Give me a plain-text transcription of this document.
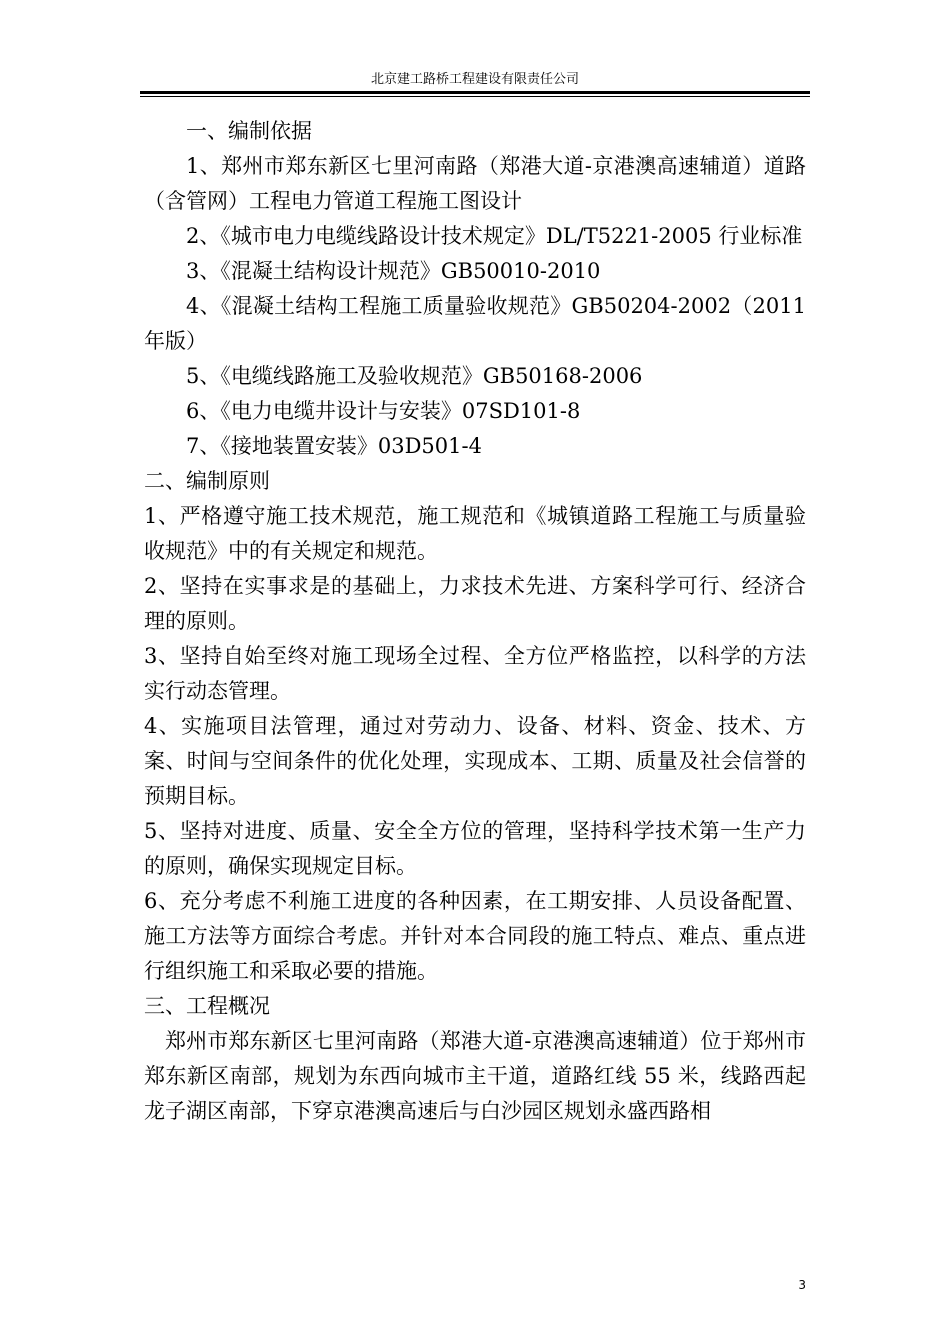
北京建工路桥工程建设有限责任公司

一、编制依据

1、郑州市郑东新区七里河南路（郑港大道-京港澳高速辅道）道路（含管网）工程电力管道工程施工图设计

2、《城市电力电缆线路设计技术规定》DL/T5221-2005 行业标准

3、《混凝土结构设计规范》GB50010-2010

4、《混凝土结构工程施工质量验收规范》GB50204-2002（2011年版）

5、《电缆线路施工及验收规范》GB50168-2006

6、《电力电缆井设计与安装》07SD101-8

7、《接地装置安装》03D501-4

二、编制原则

1、严格遵守施工技术规范，施工规范和《城镇道路工程施工与质量验收规范》中的有关规定和规范。

2、坚持在实事求是的基础上，力求技术先进、方案科学可行、经济合理的原则。

3、坚持自始至终对施工现场全过程、全方位严格监控，以科学的方法实行动态管理。

4、实施项目法管理，通过对劳动力、设备、材料、资金、技术、方案、时间与空间条件的优化处理，实现成本、工期、质量及社会信誉的预期目标。

5、坚持对进度、质量、安全全方位的管理，坚持科学技术第一生产力的原则，确保实现规定目标。

6、充分考虑不利施工进度的各种因素，在工期安排、人员设备配置、施工方法等方面综合考虑。并针对本合同段的施工特点、难点、重点进行组织施工和采取必要的措施。

三、工程概况

郑州市郑东新区七里河南路（郑港大道-京港澳高速辅道）位于郑州市郑东新区南部，规划为东西向城市主干道，道路红线 55 米，线路西起龙子湖区南部，下穿京港澳高速后与白沙园区规划永盛西路相

3
